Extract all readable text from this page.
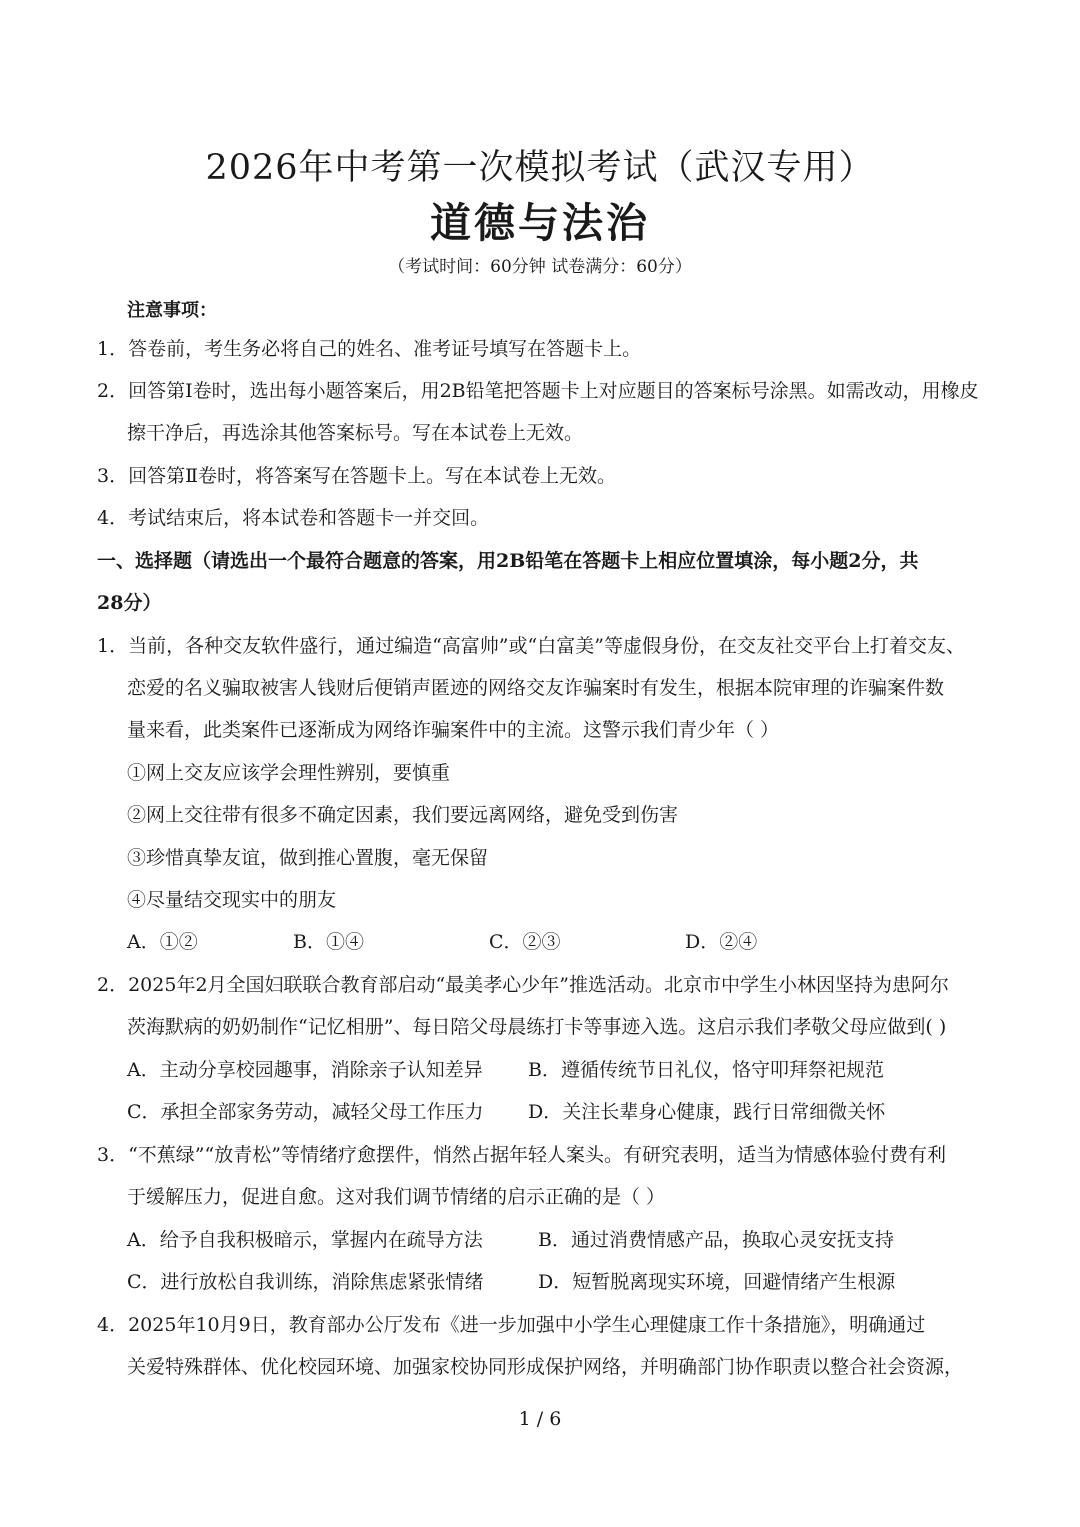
2026年中考第一次模拟考试（武汉专用）
道德与法治
（考试时间：60分钟 试卷满分：60分）
注意事项：
1．答卷前，考生务必将自己的姓名、准考证号填写在答题卡上。
2．回答第Ⅰ卷时，选出每小题答案后，用2B铅笔把答题卡上对应题目的答案标号涂黑。如需改动，用橡皮
擦干净后，再选涂其他答案标号。写在本试卷上无效。
3．回答第Ⅱ卷时，将答案写在答题卡上。写在本试卷上无效。
4．考试结束后，将本试卷和答题卡一并交回。
一、选择题（请选出一个最符合题意的答案，用2B铅笔在答题卡上相应位置填涂，每小题2分，共
28分）
1．当前，各种交友软件盛行，通过编造“高富帅”或“白富美”等虚假身份，在交友社交平台上打着交友、
恋爱的名义骗取被害人钱财后便销声匿迹的网络交友诈骗案时有发生，根据本院审理的诈骗案件数
量来看，此类案件已逐渐成为网络诈骗案件中的主流。这警示我们青少年（ ）
①网上交友应该学会理性辨别，要慎重
②网上交往带有很多不确定因素，我们要远离网络，避免受到伤害
③珍惜真挚友谊，做到推心置腹，毫无保留
④尽量结交现实中的朋友
A．①②	B．①④	C．②③	D．②④
2．2025年2月全国妇联联合教育部启动“最美孝心少年”推选活动。北京市中学生小林因坚持为患阿尔
茨海默病的奶奶制作“记忆相册”、每日陪父母晨练打卡等事迹入选。这启示我们孝敬父母应做到( )
A．主动分享校园趣事，消除亲子认知差异 B．遵循传统节日礼仪，恪守叩拜祭祀规范
C．承担全部家务劳动，减轻父母工作压力 D．关注长辈身心健康，践行日常细微关怀
3．“不蕉绿”“放青松”等情绪疗愈摆件，悄然占据年轻人案头。有研究表明，适当为情感体验付费有利
于缓解压力，促进自愈。这对我们调节情绪的启示正确的是（ ）
A．给予自我积极暗示，掌握内在疏导方法	B．通过消费情感产品，换取心灵安抚支持
C．进行放松自我训练，消除焦虑紧张情绪	D．短暂脱离现实环境，回避情绪产生根源
4．2025年10月9日，教育部办公厅发布《进一步加强中小学生心理健康工作十条措施》，明确通过
关爱特殊群体、优化校园环境、加强家校协同形成保护网络，并明确部门协作职责以整合社会资源，
1 / 6
